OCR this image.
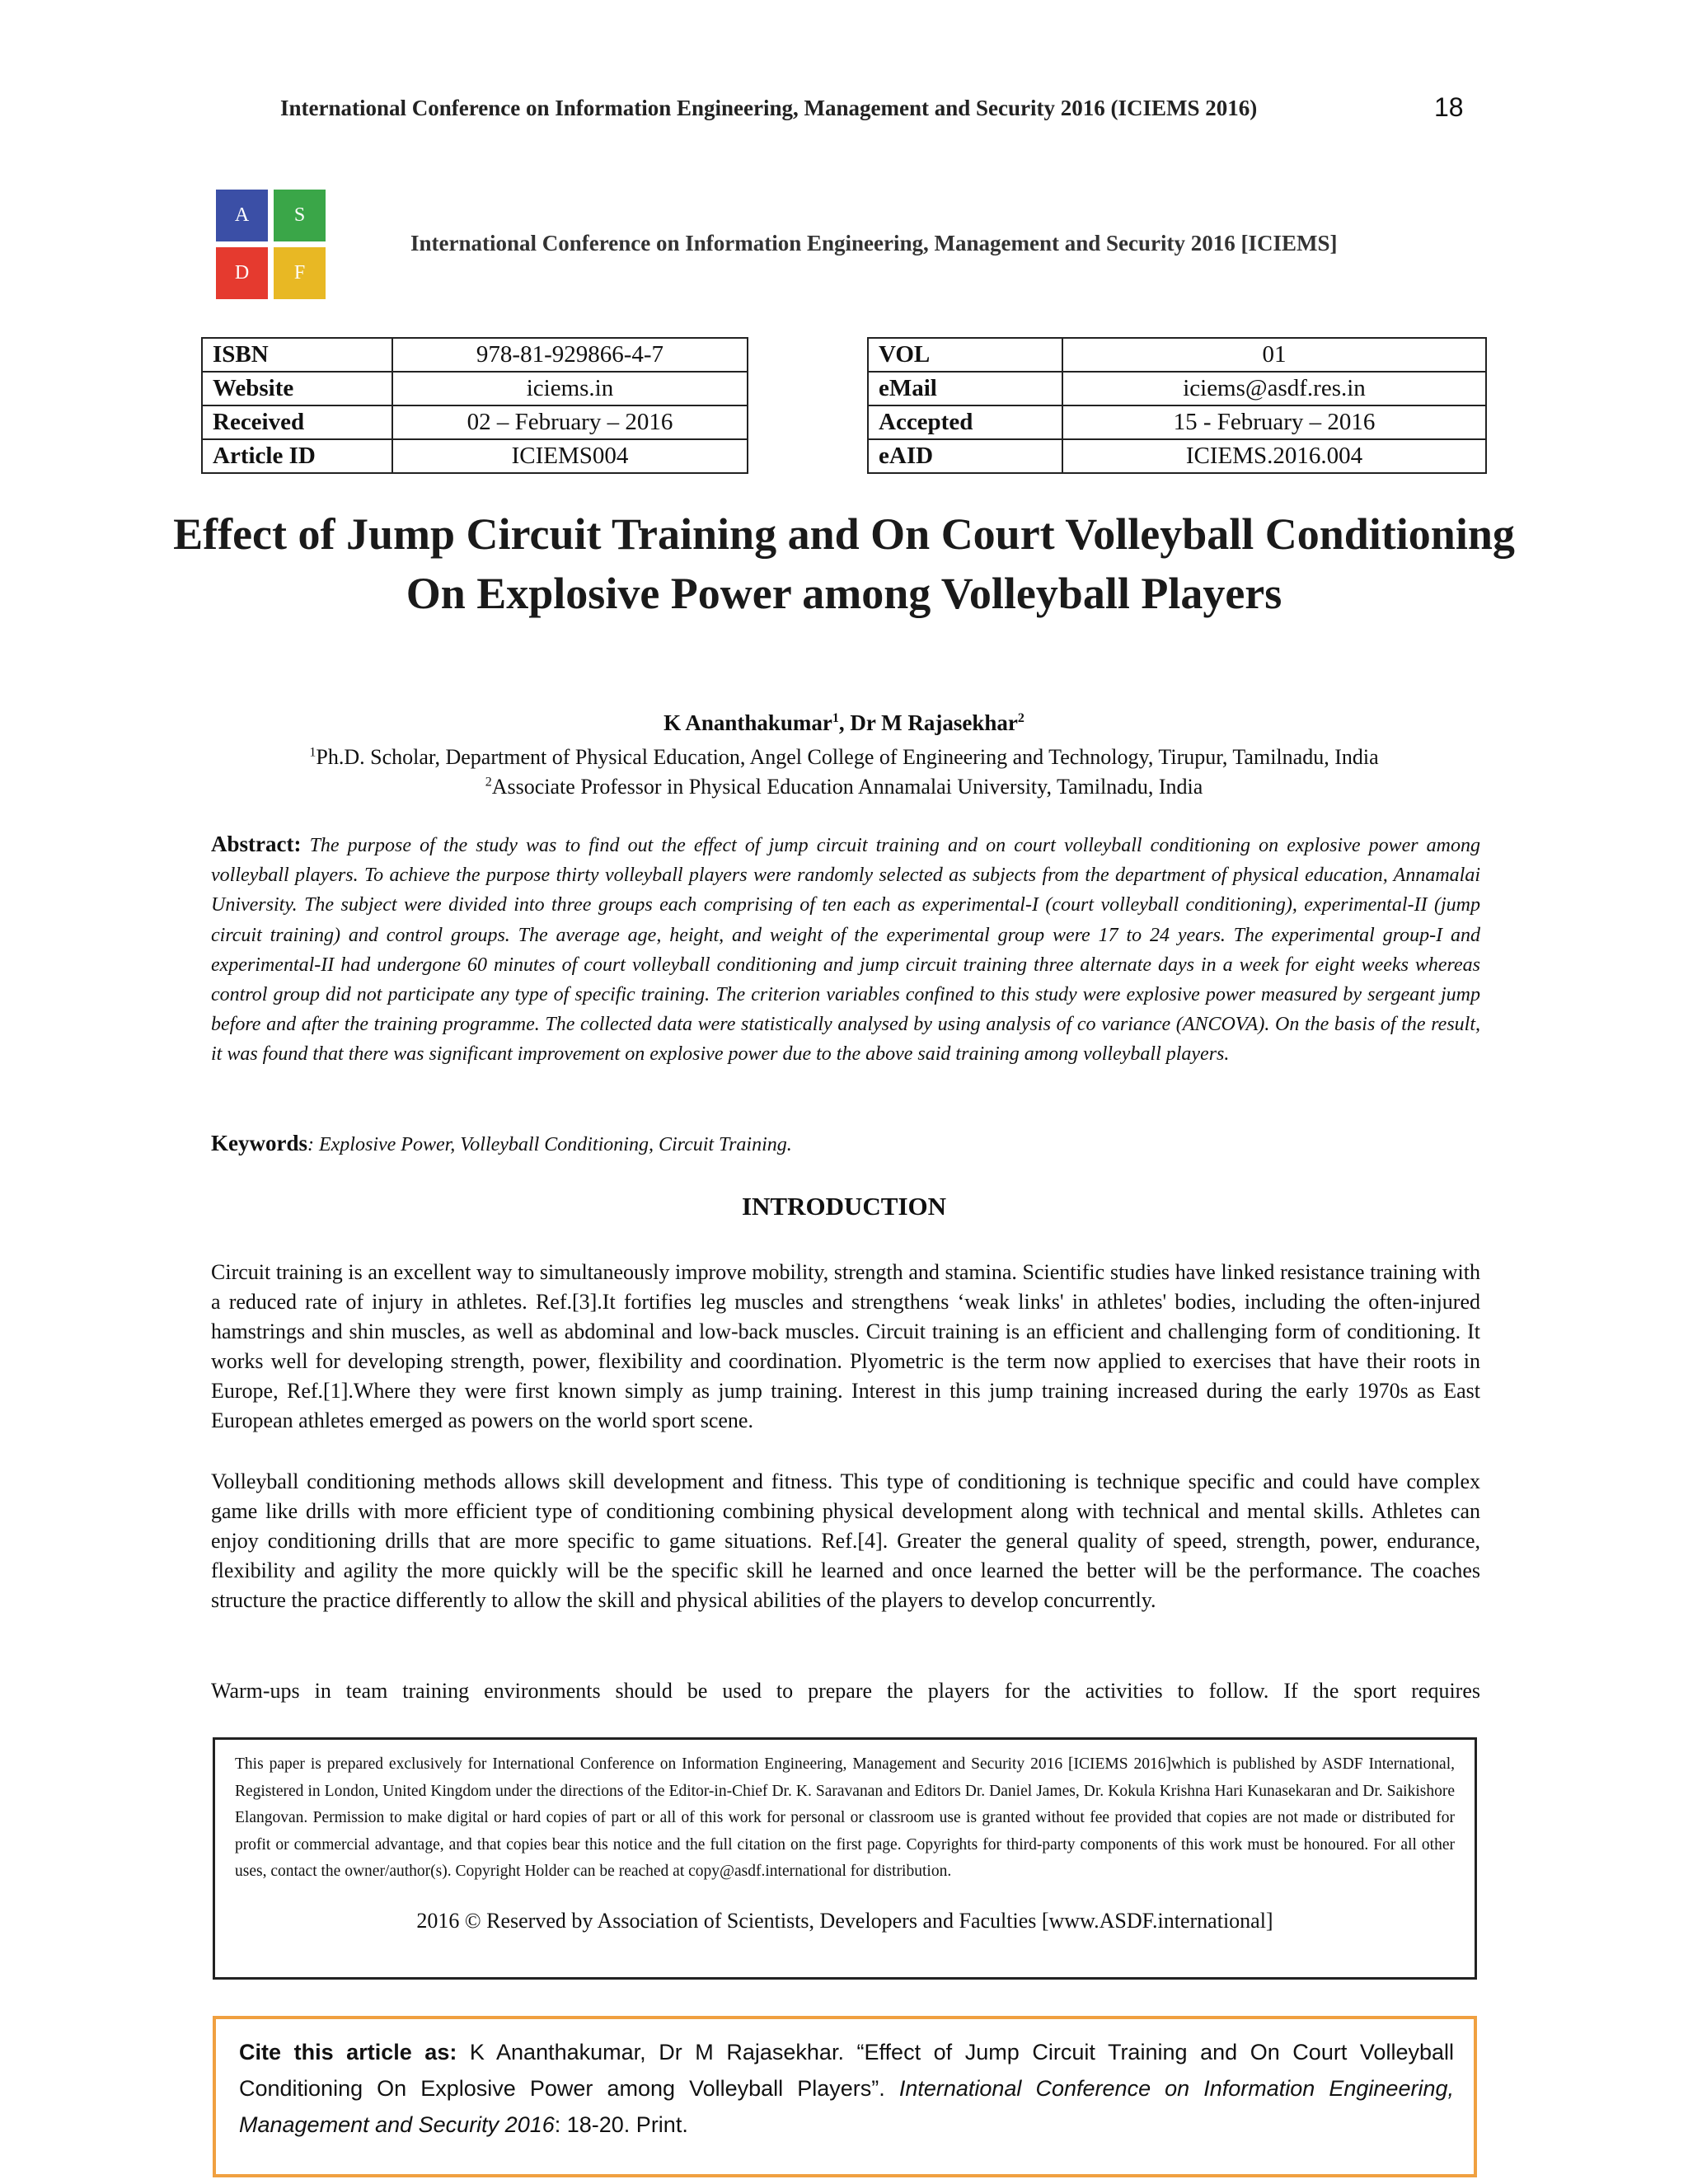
International Conference on Information Engineering, Management and Security 2016 (ICIEMS 2016)	18
A	S
D	F
International Conference on Information Engineering, Management and Security 2016 [ICIEMS]
ISBN	978-81-929866-4-7
Website	iciems.in
Received	02 – February – 2016
Article ID	ICIEMS004
VOL	01
eMail	iciems@asdf.res.in
Accepted	15 - February – 2016
eAID	ICIEMS.2016.004
Effect of Jump Circuit Training and On Court Volleyball Conditioning On Explosive Power among Volleyball Players
K Ananthakumar$^1$, Dr M Rajasekhar$^2$
$^1$Ph.D. Scholar, Department of Physical Education, Angel College of Engineering and Technology, Tirupur, Tamilnadu, India
$^2$Associate Professor in Physical Education Annamalai University, Tamilnadu, India
Abstract: The purpose of the study was to find out the effect of jump circuit training and on court volleyball conditioning on explosive power among volleyball players. To achieve the purpose thirty volleyball players were randomly selected as subjects from the department of physical education, Annamalai University. The subject were divided into three groups each comprising of ten each as experimental-I (court volleyball conditioning), experimental-II (jump circuit training) and control groups. The average age, height, and weight of the experimental group were 17 to 24 years. The experimental group-I and experimental-II had undergone 60 minutes of court volleyball conditioning and jump circuit training three alternate days in a week for eight weeks whereas control group did not participate any type of specific training. The criterion variables confined to this study were explosive power measured by sergeant jump before and after the training programme. The collected data were statistically analysed by using analysis of co variance (ANCOVA). On the basis of the result, it was found that there was significant improvement on explosive power due to the above said training among volleyball players.
Keywords: Explosive Power, Volleyball Conditioning, Circuit Training.
INTRODUCTION

Circuit training is an excellent way to simultaneously improve mobility, strength and stamina. Scientific studies have linked resistance training with a reduced rate of injury in athletes. Ref.[3].It fortifies leg muscles and strengthens ‘weak links' in athletes' bodies, including the often-injured hamstrings and shin muscles, as well as abdominal and low-back muscles. Circuit training is an efficient and challenging form of conditioning. It works well for developing strength, power, flexibility and coordination. Plyometric is the term now applied to exercises that have their roots in Europe, Ref.[1].Where they were first known simply as jump training. Interest in this jump training increased during the early 1970s as East European athletes emerged as powers on the world sport scene.

Volleyball conditioning methods allows skill development and fitness. This type of conditioning is technique specific and could have complex game like drills with more efficient type of conditioning combining physical development along with technical and mental skills. Athletes can enjoy conditioning drills that are more specific to game situations. Ref.[4]. Greater the general quality of speed, strength, power, endurance, flexibility and agility the more quickly will be the specific skill he learned and once learned the better will be the performance. The coaches structure the practice differently to allow the skill and physical abilities of the players to develop concurrently.

Warm-ups in team training environments should be used to prepare the players for the activities to follow. If the sport requires

This paper is prepared exclusively for International Conference on Information Engineering, Management and Security 2016 [ICIEMS 2016]which is published by ASDF International, Registered in London, United Kingdom under the directions of the Editor-in-Chief Dr. K. Saravanan and Editors Dr. Daniel James, Dr. Kokula Krishna Hari Kunasekaran and Dr. Saikishore Elangovan. Permission to make digital or hard copies of part or all of this work for personal or classroom use is granted without fee provided that copies are not made or distributed for profit or commercial advantage, and that copies bear this notice and the full citation on the first page. Copyrights for third-party components of this work must be honoured. For all other uses, contact the owner/author(s). Copyright Holder can be reached at copy@asdf.international for distribution.
2016 © Reserved by Association of Scientists, Developers and Faculties [www.ASDF.international]
Cite this article as: K Ananthakumar, Dr M Rajasekhar. “Effect of Jump Circuit Training and On Court Volleyball Conditioning On Explosive Power among Volleyball Players”. International Conference on Information Engineering, Management and Security 2016: 18-20. Print.
